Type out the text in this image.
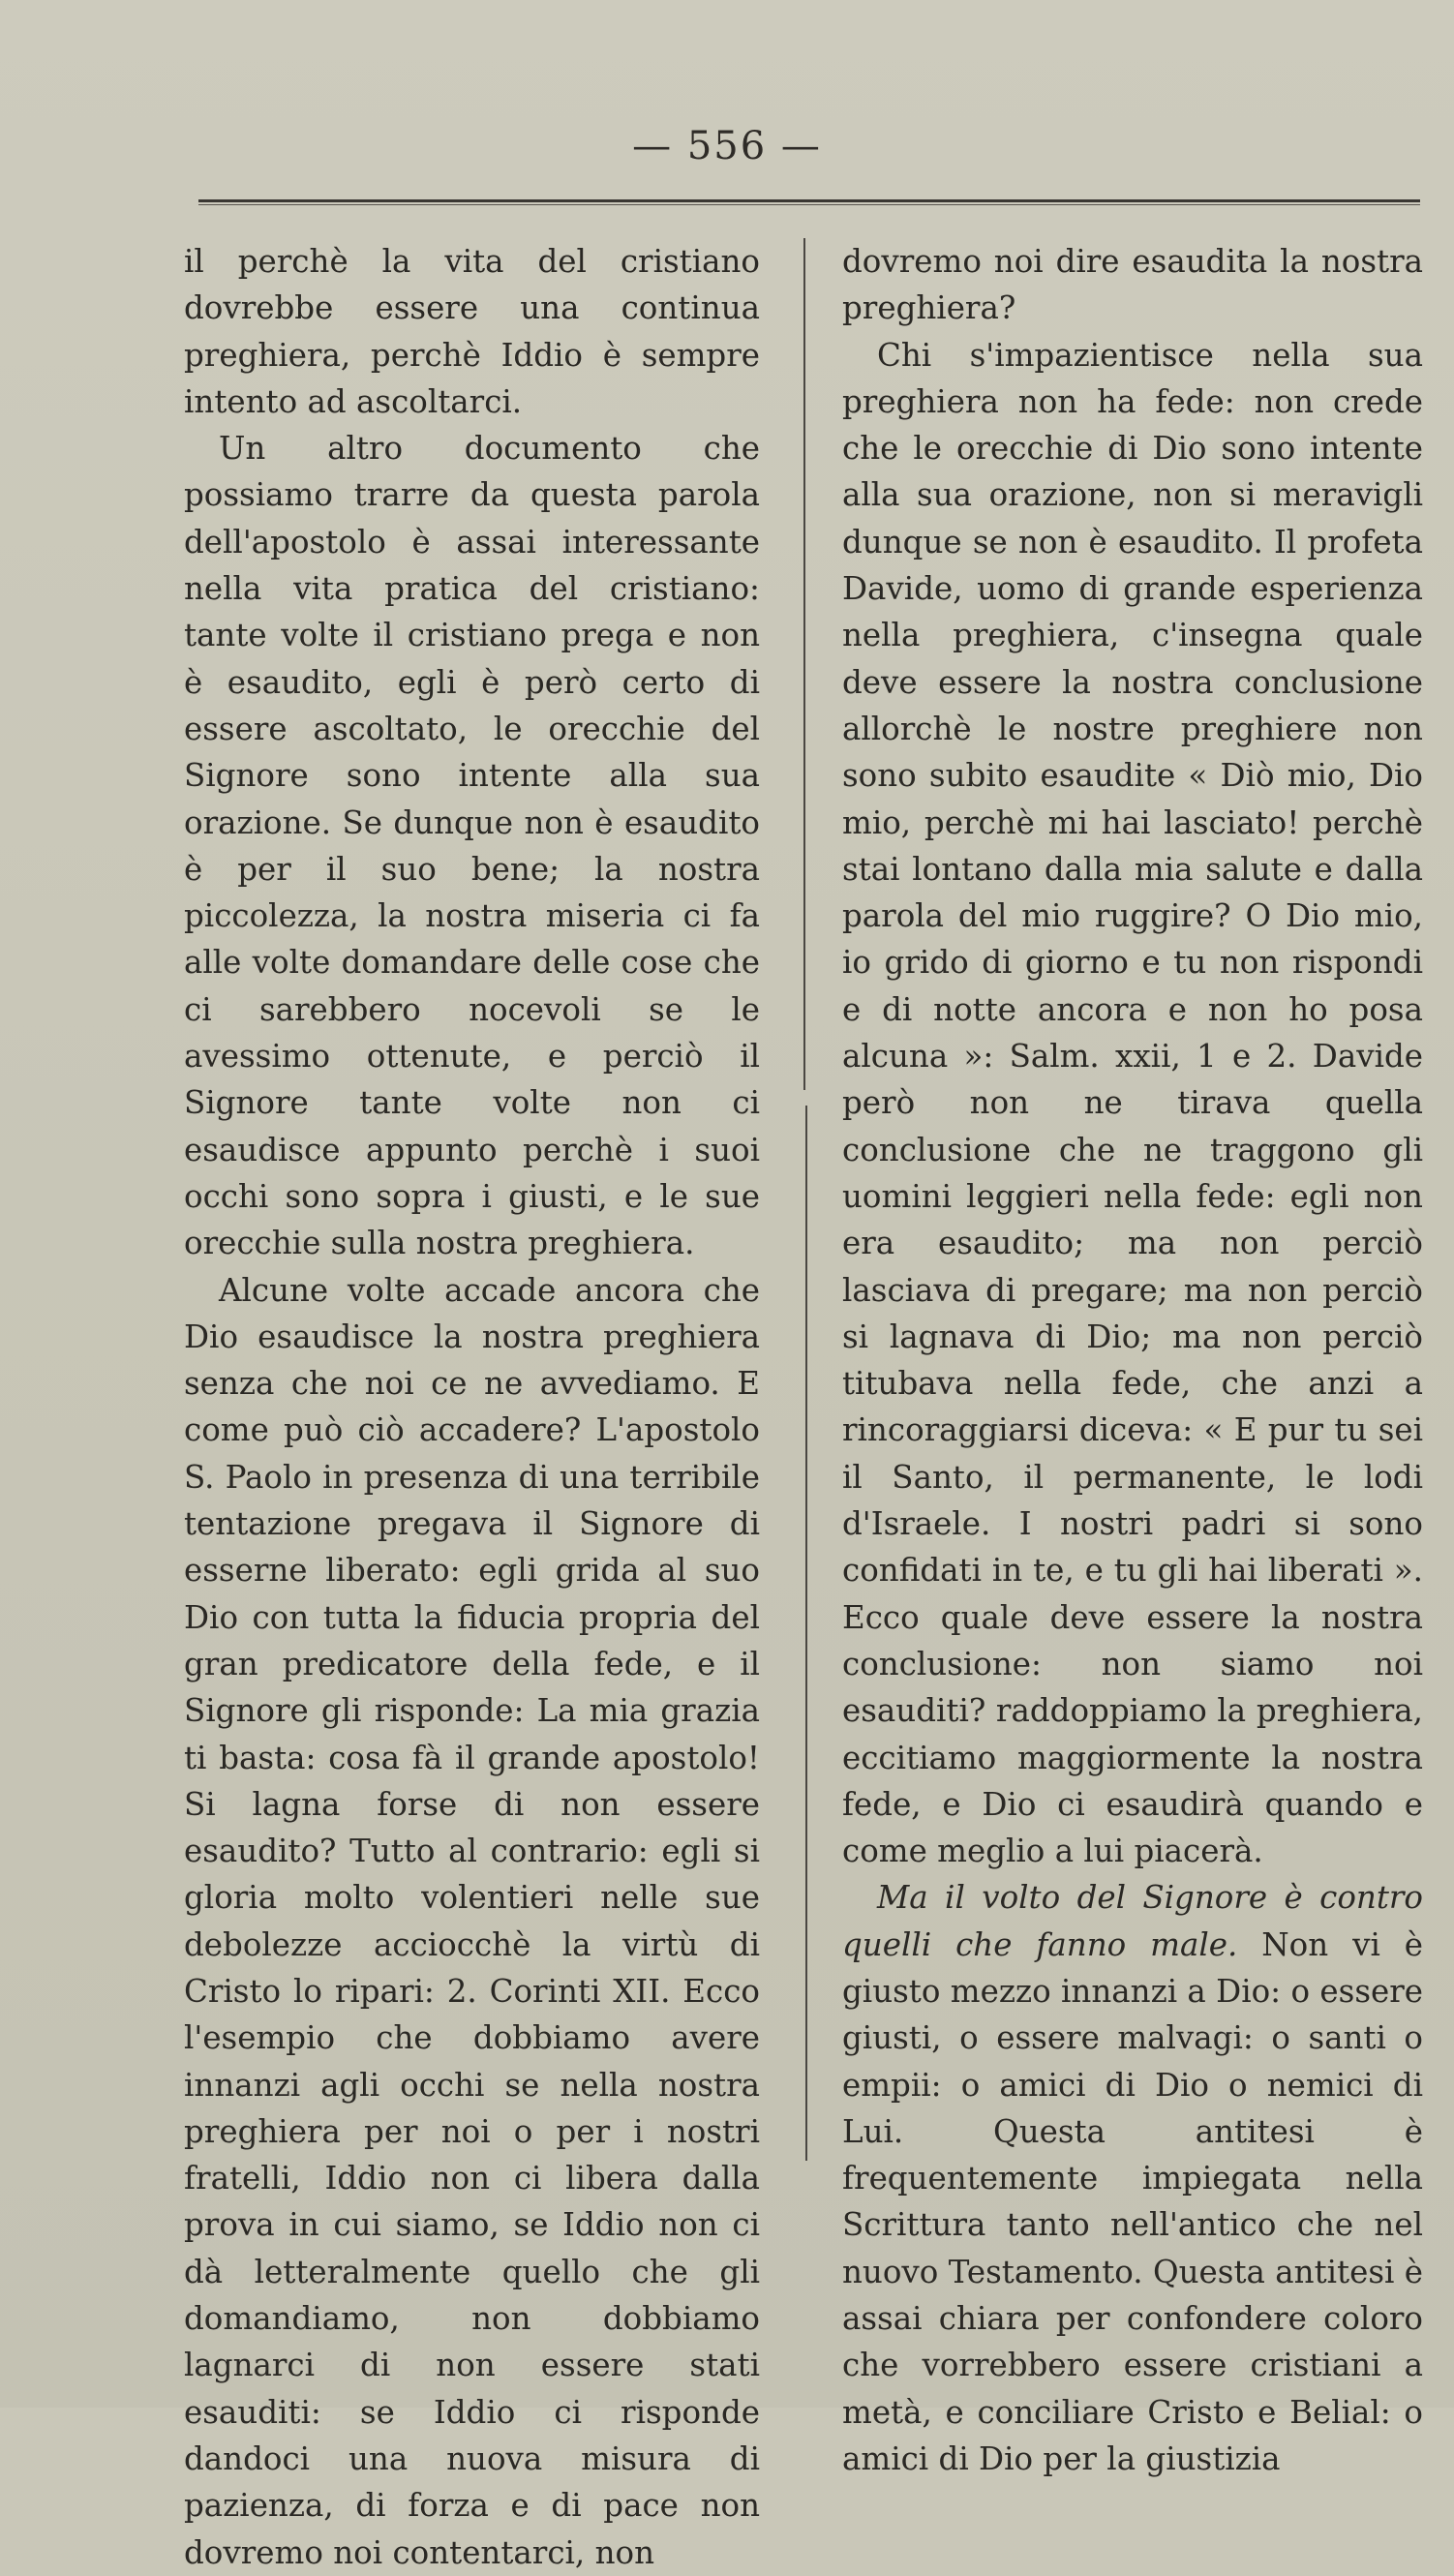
— 556 —

il perchè la vita del cristiano dovrebbe essere una continua preghiera, perchè Iddio è sempre intento ad ascoltarci.

Un altro documento che possiamo trarre da questa parola dell'apostolo è assai interessante nella vita pratica del cristiano: tante volte il cristiano prega e non è esaudito, egli è però certo di essere ascoltato, le orecchie del Signore sono intente alla sua orazione. Se dunque non è esaudito è per il suo bene; la nostra piccolezza, la nostra miseria ci fa alle volte domandare delle cose che ci sarebbero nocevoli se le avessimo ottenute, e perciò il Signore tante volte non ci esaudisce appunto perchè i suoi occhi sono sopra i giusti, e le sue orecchie sulla nostra preghiera.

Alcune volte accade ancora che Dio esaudisce la nostra preghiera senza che noi ce ne avvediamo. E come può ciò accadere? L'apostolo S. Paolo in presenza di una terribile tentazione pregava il Signore di esserne liberato: egli grida al suo Dio con tutta la fiducia propria del gran predicatore della fede, e il Signore gli risponde: La mia grazia ti basta: cosa fà il grande apostolo! Si lagna forse di non essere esaudito? Tutto al contrario: egli si gloria molto volentieri nelle sue debolezze acciocchè la virtù di Cristo lo ripari: 2. Corinti XII. Ecco l'esempio che dobbiamo avere innanzi agli occhi se nella nostra preghiera per noi o per i nostri fratelli, Iddio non ci libera dalla prova in cui siamo, se Iddio non ci dà letteralmente quello che gli domandiamo, non dobbiamo lagnarci di non essere stati esauditi: se Iddio ci risponde dandoci una nuova misura di pazienza, di forza e di pace non dovremo noi contentarci, non

dovremo noi dire esaudita la nostra preghiera?

Chi s'impazientisce nella sua preghiera non ha fede: non crede che le orecchie di Dio sono intente alla sua orazione, non si meravigli dunque se non è esaudito. Il profeta Davide, uomo di grande esperienza nella preghiera, c'insegna quale deve essere la nostra conclusione allorchè le nostre preghiere non sono subito esaudite « Diò mio, Dio mio, perchè mi hai lasciato! perchè stai lontano dalla mia salute e dalla parola del mio ruggire? O Dio mio, io grido di giorno e tu non rispondi e di notte ancora e non ho posa alcuna »: Salm. xxii, 1 e 2. Davide però non ne tirava quella conclusione che ne traggono gli uomini leggieri nella fede: egli non era esaudito; ma non perciò lasciava di pregare; ma non perciò si lagnava di Dio; ma non perciò titubava nella fede, che anzi a rincoraggiarsi diceva: « E pur tu sei il Santo, il permanente, le lodi d'Israele. I nostri padri si sono confidati in te, e tu gli hai liberati ». Ecco quale deve essere la nostra conclusione: non siamo noi esauditi? raddoppiamo la preghiera, eccitiamo maggiormente la nostra fede, e Dio ci esaudirà quando e come meglio a lui piacerà.

Ma il volto del Signore è contro quelli che fanno male. Non vi è giusto mezzo innanzi a Dio: o essere giusti, o essere malvagi: o santi o empii: o amici di Dio o nemici di Lui. Questa antitesi è frequentemente impiegata nella Scrittura tanto nell'antico che nel nuovo Testamento. Questa antitesi è assai chiara per confondere coloro che vorrebbero essere cristiani a metà, e conciliare Cristo e Belial: o amici di Dio per la giustizia
